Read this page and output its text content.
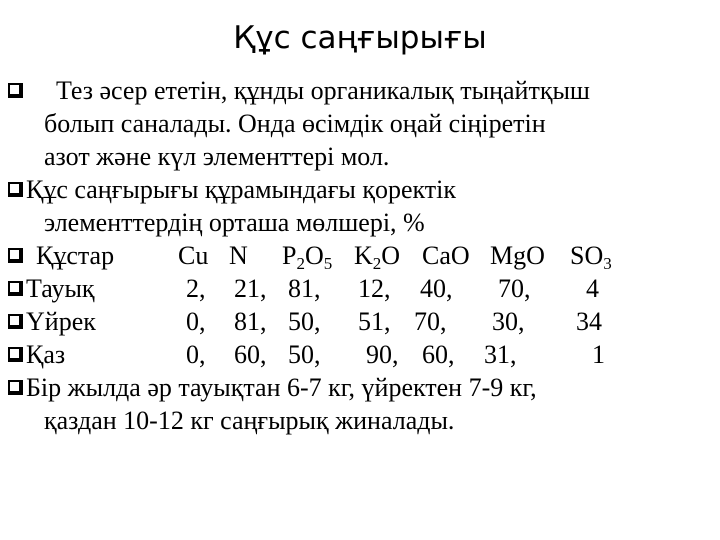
Құс саңғырығы
Тез әсер ететін, құнды органикалық тыңайтқыш
болып саналады. Онда өсімдік оңай сіңіретін
азот және күл элементтері мол.
Құс саңғырығы құрамындағы қоректік
элементтердің орташа мөлшері, %
Құстар Cu N $P_2O_5$ $K_2O$ CaO MgO $SO_3$
Тауық	2, 21, 81, 12, 40, 70, 4
Үйрек	0, 81, 50, 51, 70, 30, 34
Қаз	0, 60, 50, 90, 60, 31,	1
Бір жылда әр тауықтан 6-7 кг, үйректен 7-9 кг,
қаздан 10-12 кг саңғырық жиналады.
